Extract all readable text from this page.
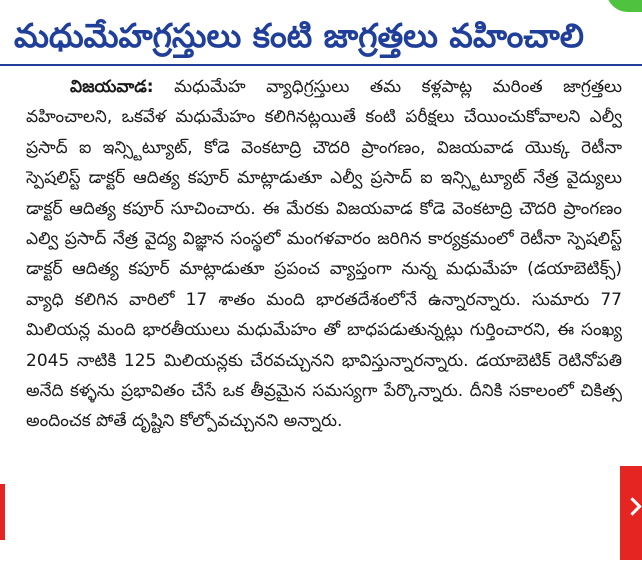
మధుమేహగ్రస్తులు కంటి జాగ్రత్తలు వహించాలి

విజయవాడ: మధుమేహ వ్యాధిగ్రస్తులు తమ కళ్లపాట్ల మరింత జాగ్రత్తలు వహించాలని, ఒకవేళ మధుమేహం కలిగినట్లయితే కంటి పరీక్షలు చేయించుకోవాలని ఎల్వీ ప్రసాద్ ఐ ఇన్స్టిట్యూట్, కోడె వెంకటాద్రి చౌదరి ప్రాంగణం, విజయవాడ యొక్క రెటీనా స్పెషలిస్ట్ డాక్టర్ ఆదిత్య కపూర్ మాట్లాడుతూ ఎల్వీ ప్రసాద్ ఐ ఇన్స్టిట్యూట్ నేత్ర వైద్యులు డాక్టర్ ఆదిత్య కపూర్ సూచించారు. ఈ మేరకు విజయవాడ కోడె వెంకటాద్రి చౌదరి ప్రాంగణం ఎల్వి ప్రసాద్ నేత్ర వైద్య విజ్ఞాన సంస్థలో మంగళవారం జరిగిన కార్యక్రమంలో రెటీనా స్పెషలిస్ట్ డాక్టర్ ఆదిత్య కపూర్ మాట్లాడుతూ ప్రపంచ వ్యాప్తంగా నున్న మధుమేహ (డయాబెటిక్స్) వ్యాధి కలిగిన వారిలో 17 శాతం మంది భారతదేశంలోనే ఉన్నారన్నారు. సుమారు 77 మిలియన్ల మంది భారతీయులు మధుమేహం తో బాధపడుతున్నట్లు గుర్తించారని, ఈ సంఖ్య 2045 నాటికి 125 మిలియన్లకు చేరవచ్చునని భావిస్తున్నారన్నారు. డయాబెటిక్ రెటినోపతి అనేది కళ్ళను ప్రభావితం చేసే ఒక తీవ్రమైన సమస్యగా పేర్కొన్నారు. దీనికి సకాలంలో చికిత్స అందించక పోతే దృష్టిని కోల్పోవచ్చునని అన్నారు.
